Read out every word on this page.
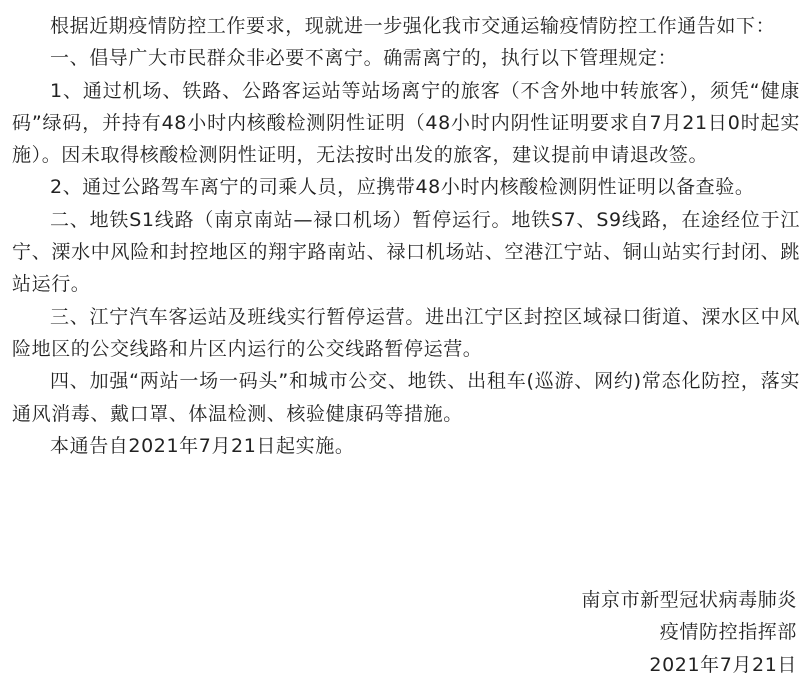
根据近期疫情防控工作要求，现就进一步强化我市交通运输疫情防控工作通告如下：

一、倡导广大市民群众非必要不离宁。确需离宁的，执行以下管理规定：

1、通过机场、铁路、公路客运站等站场离宁的旅客（不含外地中转旅客），须凭“健康码”绿码，并持有48小时内核酸检测阴性证明（48小时内阴性证明要求自7月21日0时起实施）。因未取得核酸检测阴性证明，无法按时出发的旅客，建议提前申请退改签。

2、通过公路驾车离宁的司乘人员，应携带48小时内核酸检测阴性证明以备查验。

二、地铁S1线路（南京南站—禄口机场）暂停运行。地铁S7、S9线路，在途经位于江宁、溧水中风险和封控地区的翔宇路南站、禄口机场站、空港江宁站、铜山站实行封闭、跳站运行。

三、江宁汽车客运站及班线实行暂停运营。进出江宁区封控区域禄口街道、溧水区中风险地区的公交线路和片区内运行的公交线路暂停运营。

四、加强“两站一场一码头”和城市公交、地铁、出租车(巡游、网约)常态化防控，落实通风消毒、戴口罩、体温检测、核验健康码等措施。

本通告自2021年7月21日起实施。

南京市新型冠状病毒肺炎
疫情防控指挥部
2021年7月21日
